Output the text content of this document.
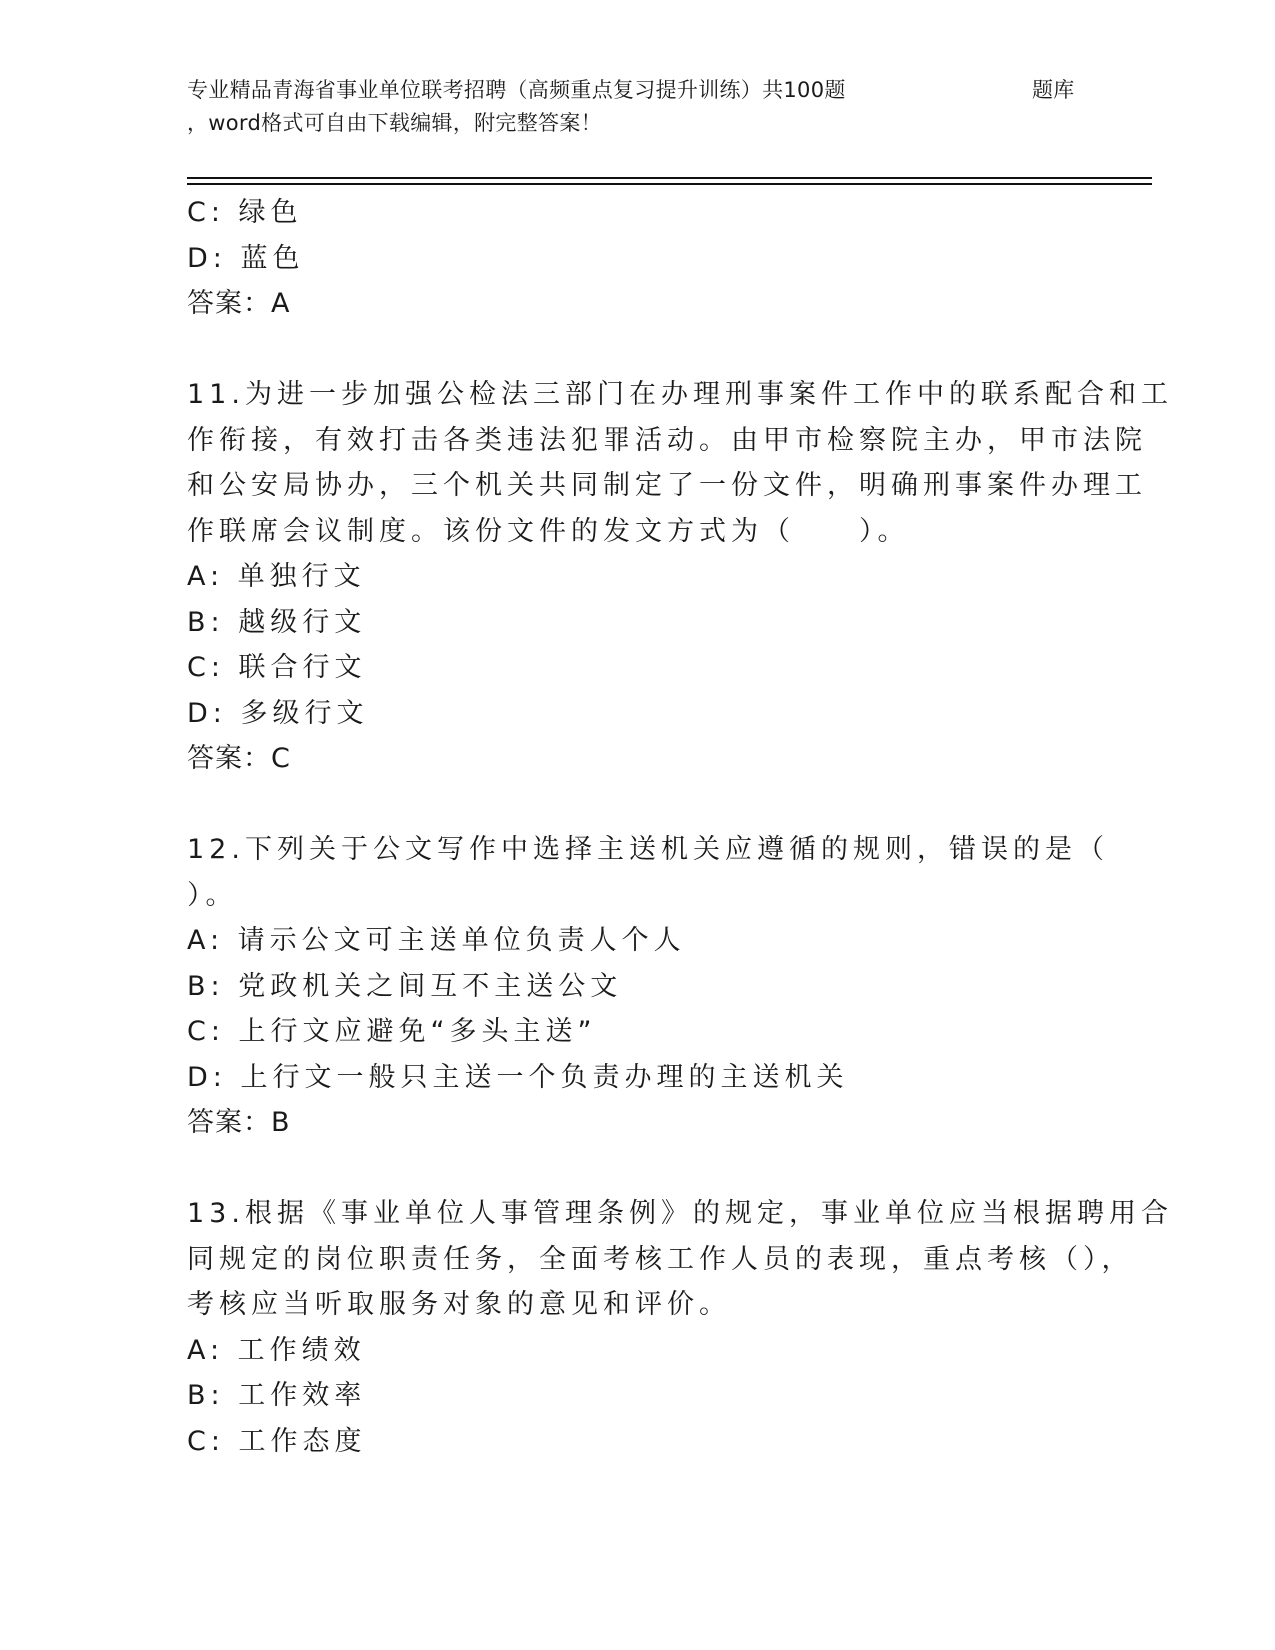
专业精品青海省事业单位联考招聘（高频重点复习提升训练）共100题	题库
，word格式可自由下载编辑，附完整答案！
C: 绿色
D: 蓝色
答案：A
11.为进一步加强公检法三部门在办理刑事案件工作中的联系配合和工
作衔接，有效打击各类违法犯罪活动。由甲市检察院主办，甲市法院
和公安局协办，三个机关共同制定了一份文件，明确刑事案件办理工
作联席会议制度。该份文件的发文方式为（　　）。
A: 单独行文
B: 越级行文
C: 联合行文
D: 多级行文
答案：C
12.下列关于公文写作中选择主送机关应遵循的规则，错误的是（
）。
A: 请示公文可主送单位负责人个人
B: 党政机关之间互不主送公文
C: 上行文应避免“多头主送”
D: 上行文一般只主送一个负责办理的主送机关
答案：B
13.根据《事业单位人事管理条例》的规定，事业单位应当根据聘用合
同规定的岗位职责任务，全面考核工作人员的表现，重点考核（），
考核应当听取服务对象的意见和评价。
A: 工作绩效
B: 工作效率
C: 工作态度
